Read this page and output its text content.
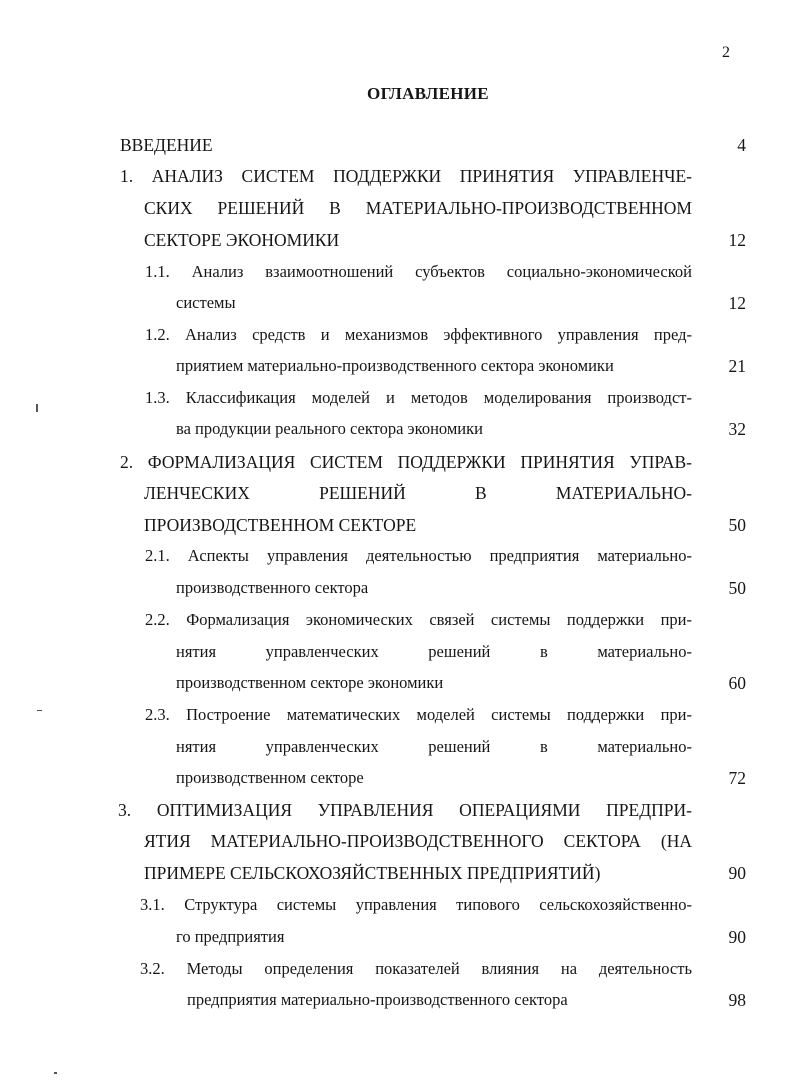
2
ОГЛАВЛЕНИЕ
ВВЕДЕНИЕ	4
1. АНАЛИЗ СИСТЕМ ПОДДЕРЖКИ ПРИНЯТИЯ УПРАВЛЕНЧЕ-
СКИХ РЕШЕНИЙ В МАТЕРИАЛЬНО-ПРОИЗВОДСТВЕННОМ
СЕКТОРЕ ЭКОНОМИКИ	12
1.1. Анализ взаимоотношений субъектов социально-экономической
системы	12
1.2. Анализ средств и механизмов эффективного управления пред-
приятием материально-производственного сектора экономики	21
1.3. Классификация моделей и методов моделирования производст-
ва продукции реального сектора экономики	32
2. ФОРМАЛИЗАЦИЯ СИСТЕМ ПОДДЕРЖКИ ПРИНЯТИЯ УПРАВ-
ЛЕНЧЕСКИХ РЕШЕНИЙ В МАТЕРИАЛЬНО-
ПРОИЗВОДСТВЕННОМ СЕКТОРЕ	50
2.1. Аспекты управления деятельностью предприятия материально-
производственного сектора	50
2.2. Формализация экономических связей системы поддержки при-
нятия управленческих решений в материально-
производственном секторе экономики	60
2.3. Построение математических моделей системы поддержки при-
нятия управленческих решений в материально-
производственном секторе	72
3. ОПТИМИЗАЦИЯ УПРАВЛЕНИЯ ОПЕРАЦИЯМИ ПРЕДПРИ-
ЯТИЯ МАТЕРИАЛЬНО-ПРОИЗВОДСТВЕННОГО СЕКТОРА (НА
ПРИМЕРЕ СЕЛЬСКОХОЗЯЙСТВЕННЫХ ПРЕДПРИЯТИЙ)	90
3.1. Структура системы управления типового сельскохозяйственно-
го предприятия	90
3.2. Методы определения показателей влияния на деятельность
предприятия материально-производственного сектора	98
